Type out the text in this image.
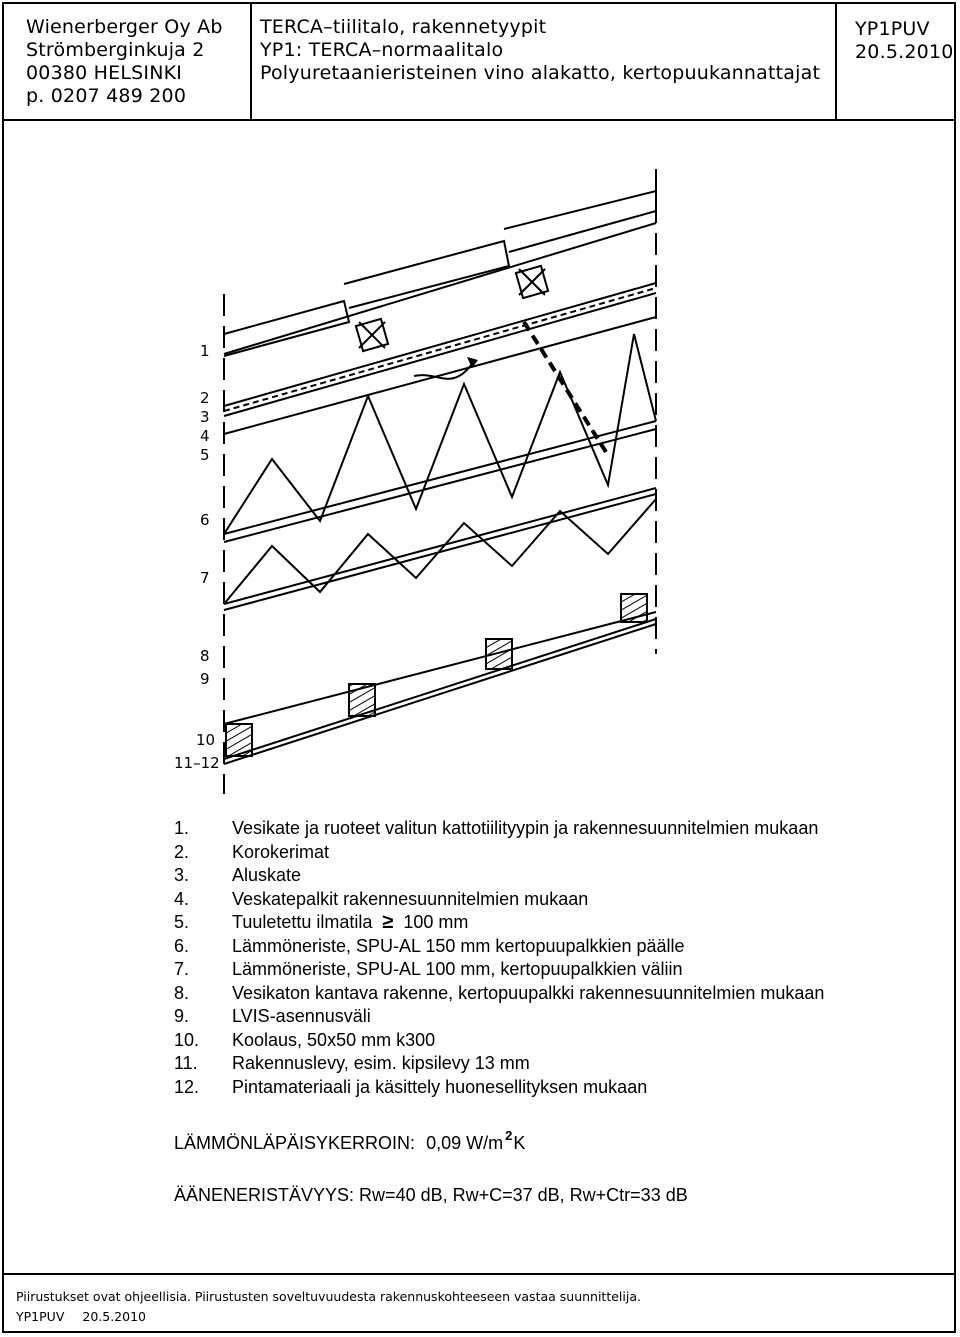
Wienerberger Oy Ab
Strömberginkuja 2
00380 HELSINKI
p. 0207 489 200
TERCA–tiilitalo, rakennetyypit
YP1: TERCA–normaalitalo
Polyuretaanieristeinen vino alakatto, kertopuukannattajat
YP1PUV
20.5.2010
1
2
3
4
5
6
7
8
9
10
11–12
1. Vesikate ja ruoteet valitun kattotiilityypin ja rakennesuunnitelmien mukaan
2. Korokerimat
3. Aluskate
4. Veskatepalkit rakennesuunnitelmien mukaan
5. Tuuletettu ilmatila ≥ 100 mm
6. Lämmöneriste, SPU-AL 150 mm kertopuupalkkien päälle
7. Lämmöneriste, SPU-AL 100 mm, kertopuupalkkien väliin
8. Vesikaton kantava rakenne, kertopuupalkki rakennesuunnitelmien mukaan
9. LVIS-asennusväli
10. Koolaus, 50x50 mm k300
11. Rakennuslevy, esim. kipsilevy 13 mm
12. Pintamateriaali ja käsittely huonesellityksen mukaan
LÄMMÖNLÄPÄISYKERROIN: 0,09 W/m $^2$K
ÄÄNENERISTÄVYYS: Rw=40 dB, Rw+C=37 dB, Rw+Ctr=33 dB
Piirustukset ovat ohjeellisia. Piirustusten soveltuvuudesta rakennuskohteeseen vastaa suunnittelija.
YP1PUV 20.5.2010
